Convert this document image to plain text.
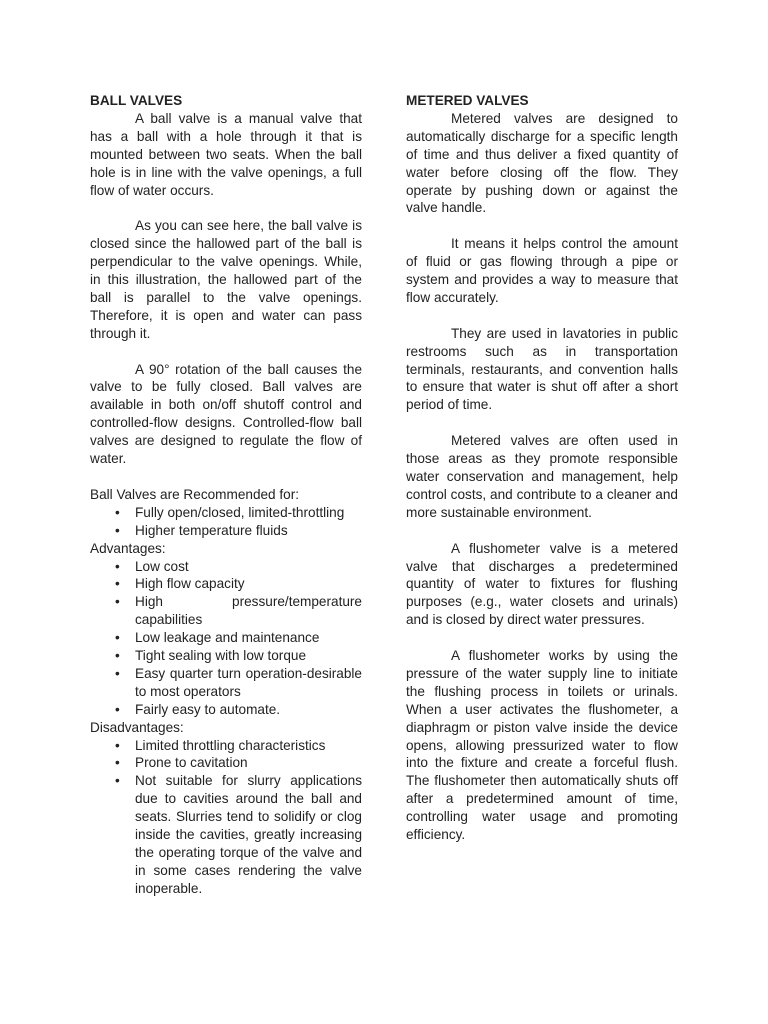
BALL VALVES

A ball valve is a manual valve that has a ball with a hole through it that is mounted between two seats. When the ball hole is in line with the valve openings, a full flow of water occurs.

As you can see here, the ball valve is closed since the hallowed part of the ball is perpendicular to the valve openings. While, in this illustration, the hallowed part of the ball is parallel to the valve openings. Therefore, it is open and water can pass through it.

A 90° rotation of the ball causes the valve to be fully closed. Ball valves are available in both on/off shutoff control and controlled-flow designs. Controlled-flow ball valves are designed to regulate the flow of water.

Ball Valves are Recommended for:

• Fully open/closed, limited-throttling
• Higher temperature fluids

Advantages:

• Low cost
• High flow capacity
• High pressure/temperature capabilities
• Low leakage and maintenance
• Tight sealing with low torque
• Easy quarter turn operation-desirable to most operators
• Fairly easy to automate.

Disadvantages:

• Limited throttling characteristics
• Prone to cavitation
• Not suitable for slurry applications due to cavities around the ball and seats. Slurries tend to solidify or clog inside the cavities, greatly increasing the operating torque of the valve and in some cases rendering the valve inoperable.
METERED VALVES

Metered valves are designed to automatically discharge for a specific length of time and thus deliver a fixed quantity of water before closing off the flow. They operate by pushing down or against the valve handle.

It means it helps control the amount of fluid or gas flowing through a pipe or system and provides a way to measure that flow accurately.

They are used in lavatories in public restrooms such as in transportation terminals, restaurants, and convention halls to ensure that water is shut off after a short period of time.

Metered valves are often used in those areas as they promote responsible water conservation and management, help control costs, and contribute to a cleaner and more sustainable environment.

A flushometer valve is a metered valve that discharges a predetermined quantity of water to fixtures for flushing purposes (e.g., water closets and urinals) and is closed by direct water pressures.

A flushometer works by using the pressure of the water supply line to initiate the flushing process in toilets or urinals. When a user activates the flushometer, a diaphragm or piston valve inside the device opens, allowing pressurized water to flow into the fixture and create a forceful flush. The flushometer then automatically shuts off after a predetermined amount of time, controlling water usage and promoting efficiency.
